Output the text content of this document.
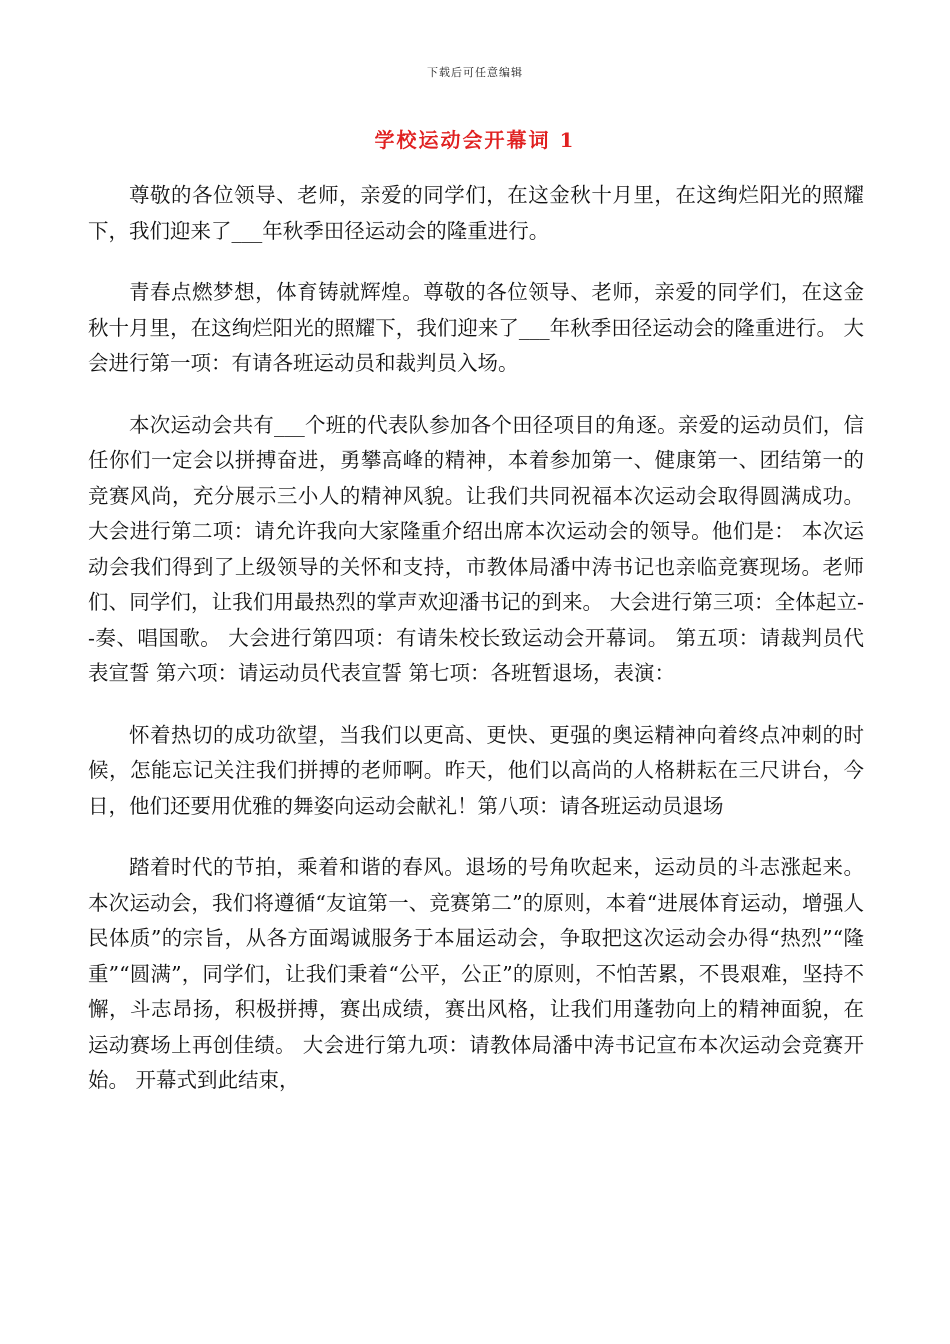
下载后可任意编辑
学校运动会开幕词 1

尊敬的各位领导、老师，亲爱的同学们，在这金秋十月里，在这绚烂阳光的照耀下，我们迎来了___年秋季田径运动会的隆重进行。

青春点燃梦想，体育铸就辉煌。尊敬的各位领导、老师，亲爱的同学们，在这金秋十月里，在这绚烂阳光的照耀下，我们迎来了___年秋季田径运动会的隆重进行。 大会进行第一项：有请各班运动员和裁判员入场。

本次运动会共有___个班的代表队参加各个田径项目的角逐。亲爱的运动员们，信任你们一定会以拼搏奋进，勇攀高峰的精神，本着参加第一、健康第一、团结第一的竞赛风尚，充分展示三小人的精神风貌。让我们共同祝福本次运动会取得圆满成功。 大会进行第二项：请允许我向大家隆重介绍出席本次运动会的领导。他们是： 本次运动会我们得到了上级领导的关怀和支持，市教体局潘中涛书记也亲临竞赛现场。老师们、同学们，让我们用最热烈的掌声欢迎潘书记的到来。 大会进行第三项：全体起立--奏、唱国歌。 大会进行第四项：有请朱校长致运动会开幕词。 第五项：请裁判员代表宣誓 第六项：请运动员代表宣誓 第七项：各班暂退场，表演：

怀着热切的成功欲望，当我们以更高、更快、更强的奥运精神向着终点冲刺的时候，怎能忘记关注我们拼搏的老师啊。昨天，他们以高尚的人格耕耘在三尺讲台，今日，他们还要用优雅的舞姿向运动会献礼！第八项：请各班运动员退场

踏着时代的节拍，乘着和谐的春风。退场的号角吹起来，运动员的斗志涨起来。本次运动会，我们将遵循“友谊第一、竞赛第二”的原则，本着“进展体育运动，增强人民体质”的宗旨，从各方面竭诚服务于本届运动会，争取把这次运动会办得“热烈”“隆重”“圆满”，同学们，让我们秉着“公平，公正”的原则，不怕苦累，不畏艰难，坚持不懈，斗志昂扬，积极拼搏，赛出成绩，赛出风格，让我们用蓬勃向上的精神面貌，在运动赛场上再创佳绩。 大会进行第九项：请教体局潘中涛书记宣布本次运动会竞赛开始。 开幕式到此结束，
